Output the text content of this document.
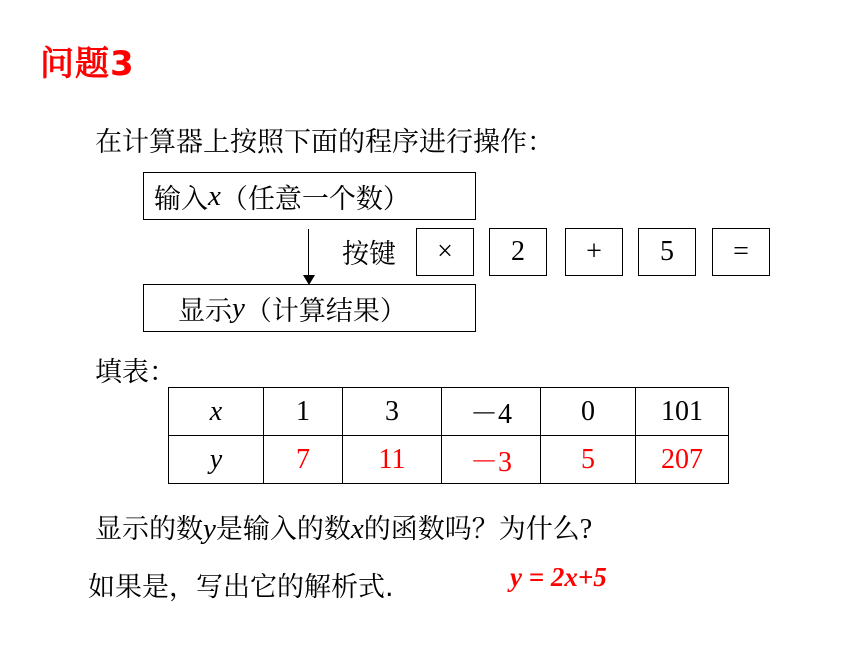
问题3
在计算器上按照下面的程序进行操作：
输入 x （任意一个数）
按键	×	2	+	5	=
显示 y （计算结果）
填表：
x	1	3	－4	0	101
y	7	11	－3	5	207
显示的数y是输入的数x的函数吗？为什么?
如果是，写出它的解析式.	y = 2x+5
